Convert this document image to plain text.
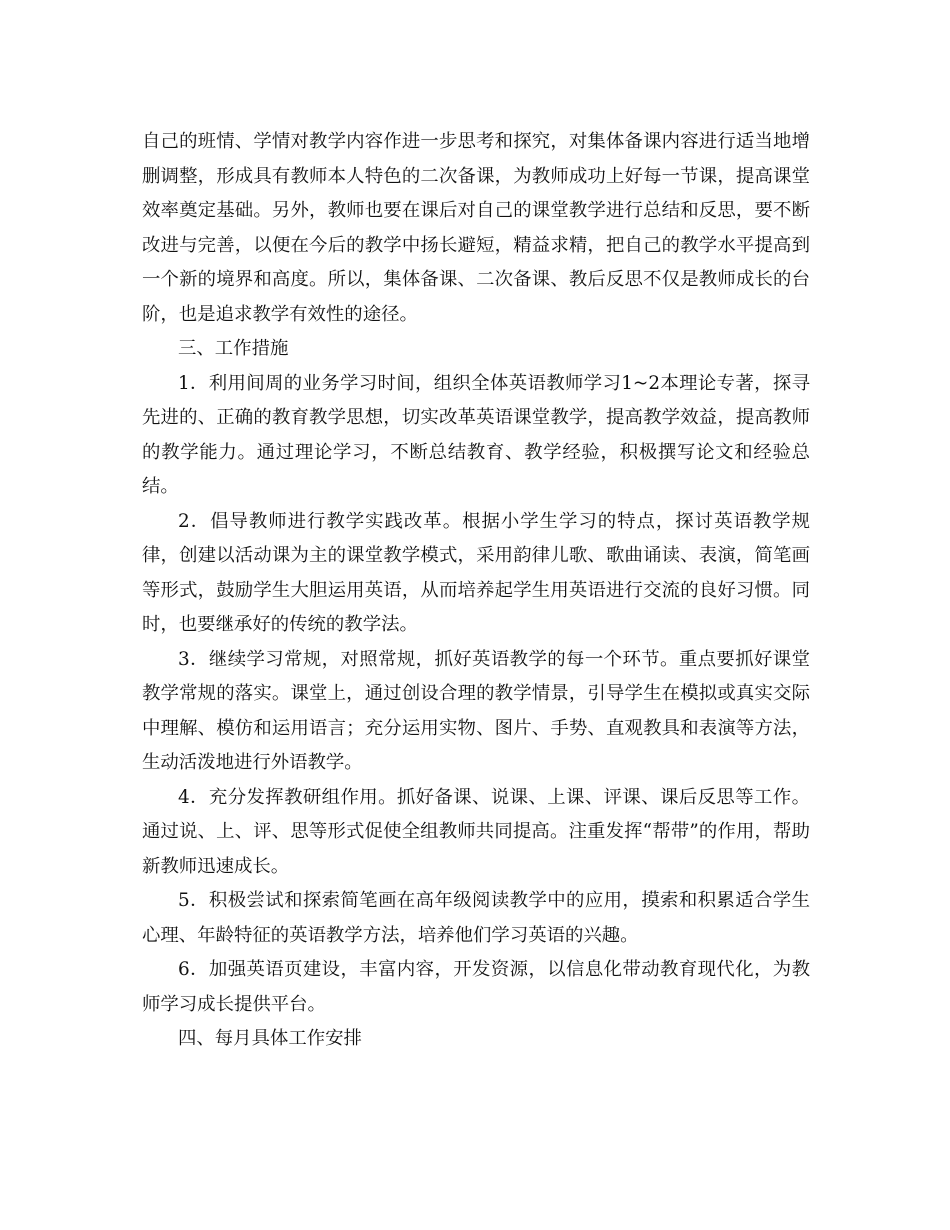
自己的班情、学情对教学内容作进一步思考和探究，对集体备课内容进行适当地增删调整，形成具有教师本人特色的二次备课，为教师成功上好每一节课，提高课堂效率奠定基础。另外，教师也要在课后对自己的课堂教学进行总结和反思，要不断改进与完善，以便在今后的教学中扬长避短，精益求精，把自己的教学水平提高到一个新的境界和高度。所以，集体备课、二次备课、教后反思不仅是教师成长的台阶，也是追求教学有效性的途径。

三、工作措施

1．利用间周的业务学习时间，组织全体英语教师学习1~2本理论专著，探寻先进的、正确的教育教学思想，切实改革英语课堂教学，提高教学效益，提高教师的教学能力。通过理论学习，不断总结教育、教学经验，积极撰写论文和经验总结。

2．倡导教师进行教学实践改革。根据小学生学习的特点，探讨英语教学规律，创建以活动课为主的课堂教学模式，采用韵律儿歌、歌曲诵读、表演，简笔画等形式，鼓励学生大胆运用英语，从而培养起学生用英语进行交流的良好习惯。同时，也要继承好的传统的教学法。

3．继续学习常规，对照常规，抓好英语教学的每一个环节。重点要抓好课堂教学常规的落实。课堂上，通过创设合理的教学情景，引导学生在模拟或真实交际中理解、模仿和运用语言；充分运用实物、图片、手势、直观教具和表演等方法，生动活泼地进行外语教学。

4．充分发挥教研组作用。抓好备课、说课、上课、评课、课后反思等工作。通过说、上、评、思等形式促使全组教师共同提高。注重发挥“帮带”的作用，帮助新教师迅速成长。

5．积极尝试和探索简笔画在高年级阅读教学中的应用，摸索和积累适合学生心理、年龄特征的英语教学方法，培养他们学习英语的兴趣。

6．加强英语页建设，丰富内容，开发资源，以信息化带动教育现代化，为教师学习成长提供平台。

四、每月具体工作安排
